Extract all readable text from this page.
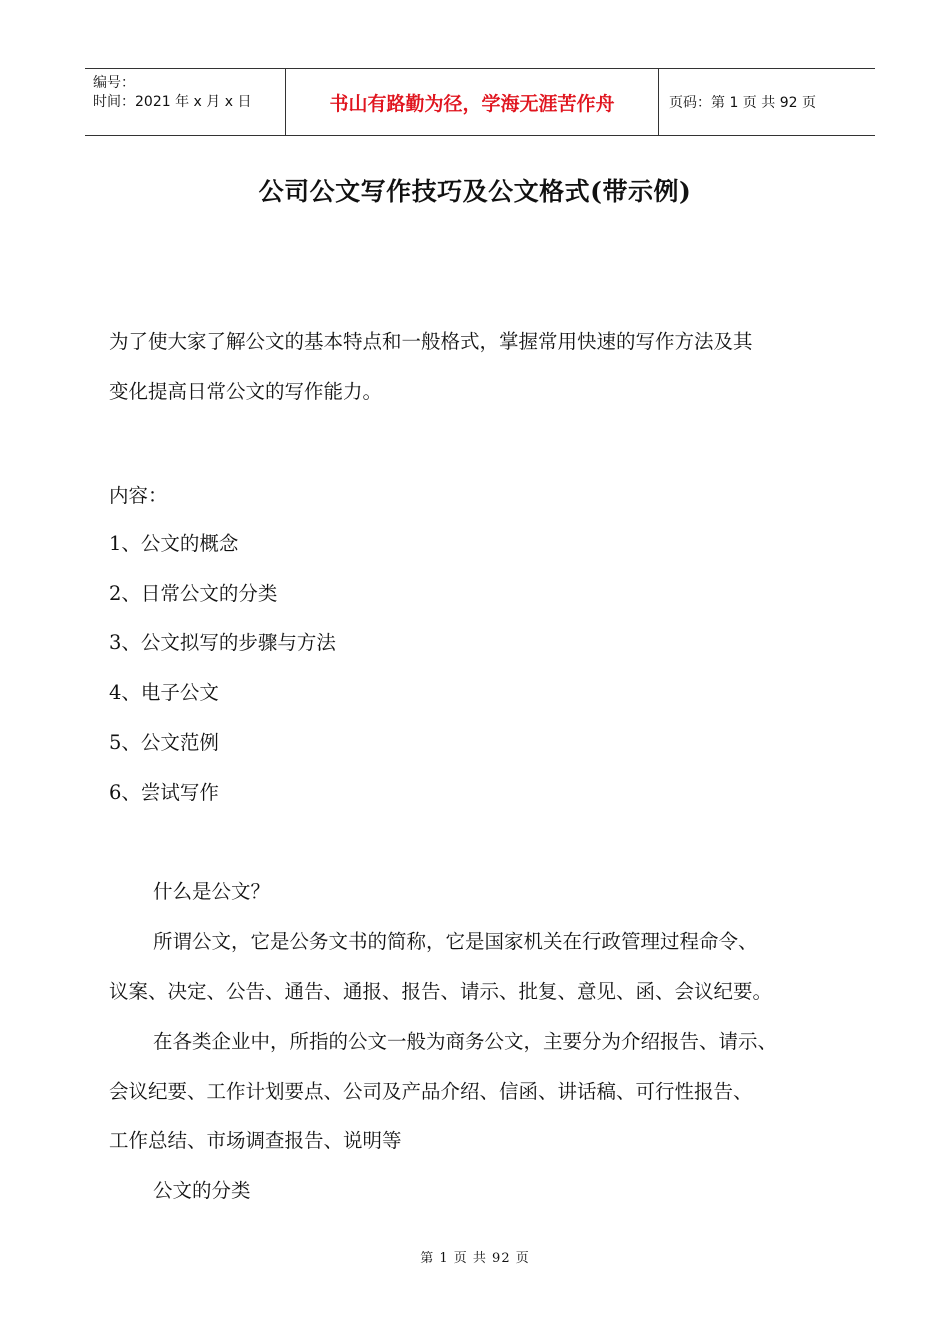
编号：
时间：2021 年 x 月 x 日	书山有路勤为径，学海无涯苦作舟	页码：第 1 页 共 92 页
公司公文写作技巧及公文格式(带示例)
为了使大家了解公文的基本特点和一般格式，掌握常用快速的写作方法及其
变化提高日常公文的写作能力。
内容：
1、公文的概念
2、日常公文的分类
3、公文拟写的步骤与方法
4、电子公文
5、公文范例
6、尝试写作
什么是公文？
所谓公文，它是公务文书的简称，它是国家机关在行政管理过程命令、
议案、决定、公告、通告、通报、报告、请示、批复、意见、函、会议纪要。
在各类企业中，所指的公文一般为商务公文，主要分为介绍报告、请示、
会议纪要、工作计划要点、公司及产品介绍、信函、讲话稿、可行性报告、
工作总结、市场调查报告、说明等
公文的分类
第 1 页 共 92 页
